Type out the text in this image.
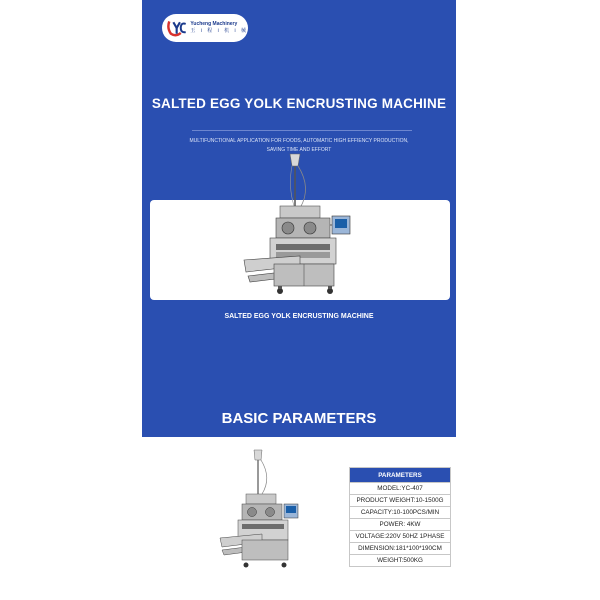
Yucheng Machinery
玉 i 程 i 机 i 械
SALTED EGG YOLK ENCRUSTING MACHINE
MULTIFUNCTIONAL APPLICATION FOR FOODS, AUTOMATIC HIGH EFFIENCY PRODUCTION,
SAVING TIME AND EFFORT
SALTED EGG YOLK ENCRUSTING MACHINE
BASIC PARAMETERS
PARAMETERS
MODEL:YC-407
PRODUCT WEIGHT:10-1500G
CAPACITY:10-100PCS/MIN
POWER: 4KW
VOLTAGE:220V 50HZ 1PHASE
DIMENSION:181*100*190CM
WEIGHT:500KG
